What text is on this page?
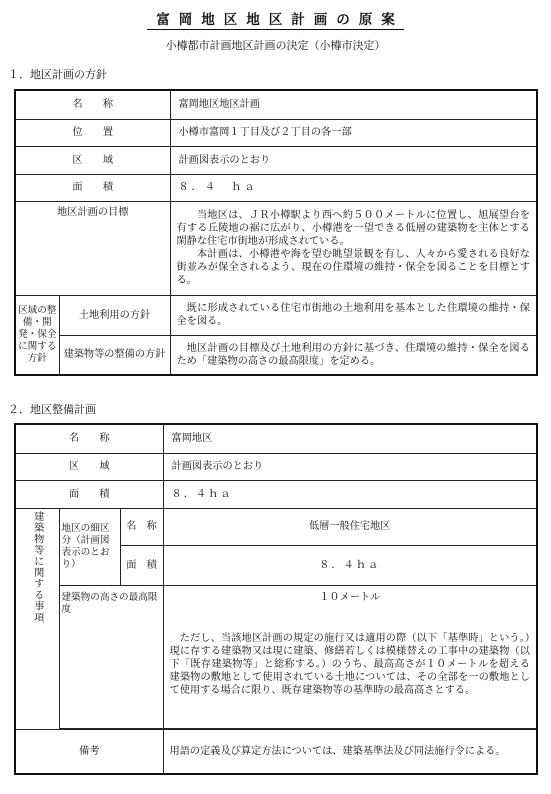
富岡地区地区計画の原案
小樽都市計画地区計画の決定（小樽市決定）
１．地区計画の方針
名　　称		富岡地区地区計画
位　　置		小樽市富岡１丁目及び２丁目の各一部
区　　域		計画図表示のとおり
面　　積		８．４　ｈａ
地区計画の目標		当地区は、ＪＲ小樽駅より西へ約５００メートルに位置し、旭展望台を有する丘陵地の裾に広がり、小樽港を一望できる低層の建築物を主体とする閑静な住宅市街地が形成されている。

本計画は、小樽港や海を望む眺望景観を有し、人々から愛される良好な街並みが保全されるよう、現在の住環境の維持・保全を図ることを目標とする。

区域の整備・開発・保全に関する方針	土地利用の方針	既に形成されている住宅市街地の土地利用を基本とした住環境の維持・保全を図る。
	建築物等の整備の方針	地区計画の目標及び土地利用の方針に基づき、住環境の維持・保全を図るため「建築物の高さの最高限度」を定める。
２．地区整備計画
名　　称			富岡地区
区　　域			計画図表示のとおり
面　　積			８．４ｈａ

建築物等に関する事項	地区の細区分（計画図表示のとおり）	名　称	低層一般住宅地区
		面　積	８．４ｈａ
	建築物の高さの最高限度		１０メートル
ただし、当該地区計画の規定の施行又は適用の際（以下「基準時」という。）現に存する建築物又は現に建築、修繕若しくは模様替えの工事中の建築物（以下「既存建築物等」と総称する。）のうち、最高高さが１０メートルを超える建築物の敷地として使用されている土地については、その全部を一の敷地として使用する場合に限り、既存建築物等の基準時の最高高さとする。

備考			用語の定義及び算定方法については、建築基準法及び同法施行令による。
